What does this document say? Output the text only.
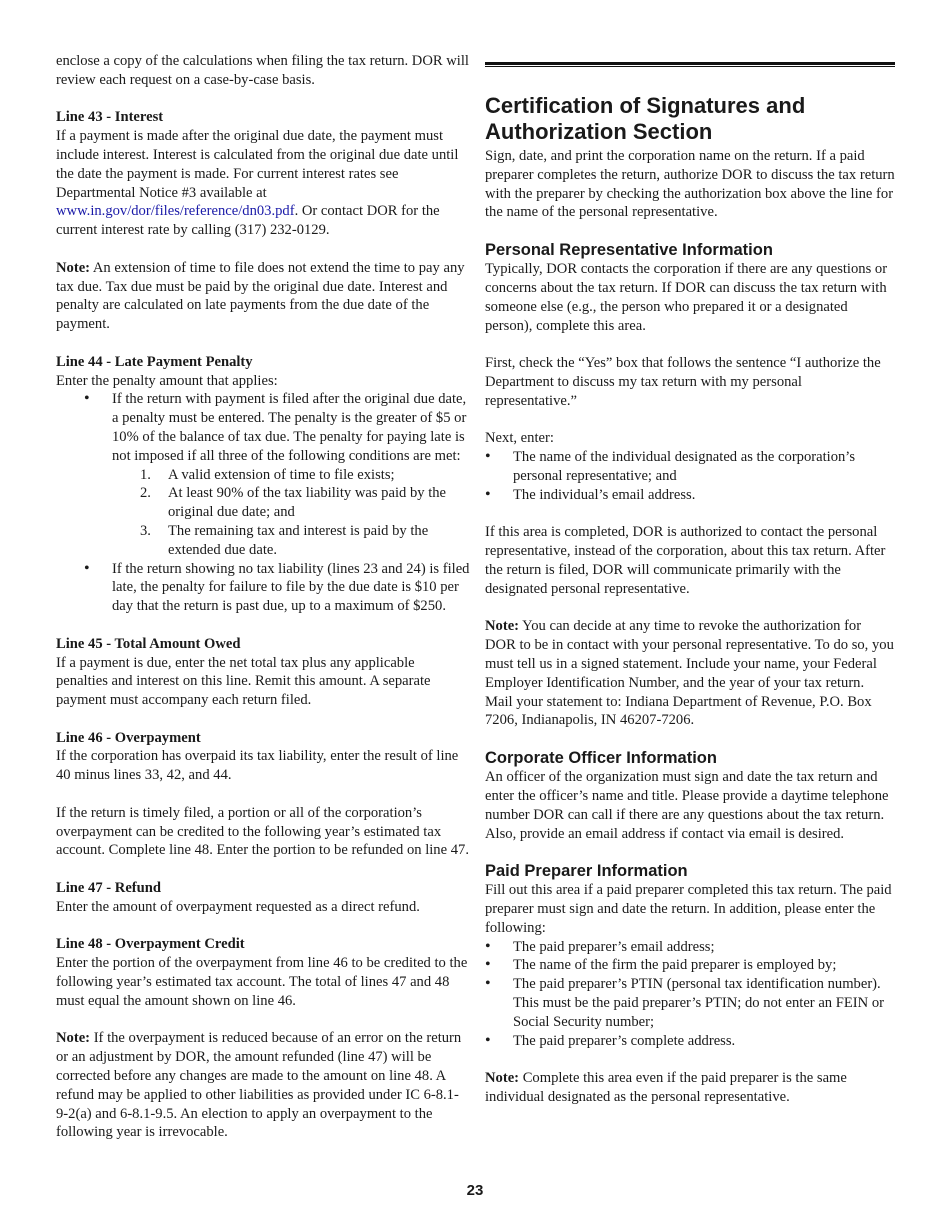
enclose a copy of the calculations when filing the tax return. DOR will review each request on a case-by-case basis.

Line 43 - Interest

If a payment is made after the original due date, the payment must include interest. Interest is calculated from the original due date until the date the payment is made. For current interest rates see Departmental Notice #3 available at www.in.gov/dor/files/reference/dn03.pdf. Or contact DOR for the current interest rate by calling (317) 232-0129.

Note: An extension of time to file does not extend the time to pay any tax due. Tax due must be paid by the original due date. Interest and penalty are calculated on late payments from the due date of the payment.

Line 44 - Late Payment Penalty

Enter the penalty amount that applies:

• If the return with payment is filed after the original due date, a penalty must be entered. The penalty is the greater of $5 or 10% of the balance of tax due. The penalty for paying late is not imposed if all three of the following conditions are met:
1. A valid extension of time to file exists;
2. At least 90% of the tax liability was paid by the original due date; and
3. The remaining tax and interest is paid by the extended due date.
• If the return showing no tax liability (lines 23 and 24) is filed late, the penalty for failure to file by the due date is $10 per day that the return is past due, up to a maximum of $250.

Line 45 - Total Amount Owed

If a payment is due, enter the net total tax plus any applicable penalties and interest on this line. Remit this amount. A separate payment must accompany each return filed.

Line 46 - Overpayment

If the corporation has overpaid its tax liability, enter the result of line 40 minus lines 33, 42, and 44.

If the return is timely filed, a portion or all of the corporation’s overpayment can be credited to the following year’s estimated tax account. Complete line 48. Enter the portion to be refunded on line 47.

Line 47 - Refund

Enter the amount of overpayment requested as a direct refund.

Line 48 - Overpayment Credit

Enter the portion of the overpayment from line 46 to be credited to the following year’s estimated tax account. The total of lines 47 and 48 must equal the amount shown on line 46.

Note: If the overpayment is reduced because of an error on the return or an adjustment by DOR, the amount refunded (line 47) will be corrected before any changes are made to the amount on line 48. A refund may be applied to other liabilities as provided under IC 6-8.1-9-2(a) and 6-8.1-9.5. An election to apply an overpayment to the following year is irrevocable.

Certification of Signatures and Authorization Section

Sign, date, and print the corporation name on the return. If a paid preparer completes the return, authorize DOR to discuss the tax return with the preparer by checking the authorization box above the line for the name of the personal representative.

Personal Representative Information

Typically, DOR contacts the corporation if there are any questions or concerns about the tax return. If DOR can discuss the tax return with someone else (e.g., the person who prepared it or a designated person), complete this area.

First, check the “Yes” box that follows the sentence “I authorize the Department to discuss my tax return with my personal representative.”

Next, enter:

• The name of the individual designated as the corporation’s personal representative; and
• The individual’s email address.

If this area is completed, DOR is authorized to contact the personal representative, instead of the corporation, about this tax return. After the return is filed, DOR will communicate primarily with the designated personal representative.

Note: You can decide at any time to revoke the authorization for DOR to be in contact with your personal representative. To do so, you must tell us in a signed statement. Include your name, your Federal Employer Identification Number, and the year of your tax return. Mail your statement to: Indiana Department of Revenue, P.O. Box 7206, Indianapolis, IN 46207-7206.

Corporate Officer Information

An officer of the organization must sign and date the tax return and enter the officer’s name and title. Please provide a daytime telephone number DOR can call if there are any questions about the tax return. Also, provide an email address if contact via email is desired.

Paid Preparer Information

Fill out this area if a paid preparer completed this tax return. The paid preparer must sign and date the return. In addition, please enter the following:

• The paid preparer’s email address;
• The name of the firm the paid preparer is employed by;
• The paid preparer’s PTIN (personal tax identification number). This must be the paid preparer’s PTIN; do not enter an FEIN or Social Security number;
• The paid preparer’s complete address.

Note: Complete this area even if the paid preparer is the same individual designated as the personal representative.

23
